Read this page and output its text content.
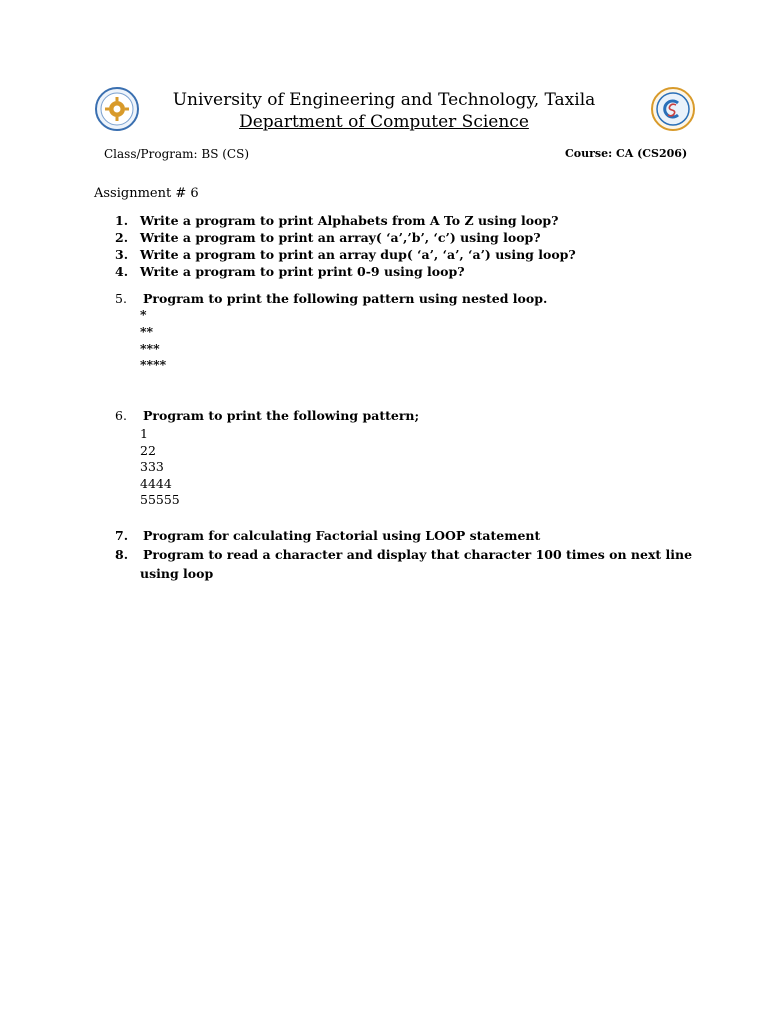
University of Engineering and Technology, Taxila
Department of Computer Science
Class/Program: BS (CS)	Course: CA (CS206)
Assignment # 6
1. Write a program to print Alphabets from A To Z using loop?
2. Write a program to print an array( ‘a’,’b’, ‘c’) using loop?
3. Write a program to print an array dup( ‘a’, ‘a’, ‘a’) using loop?
4. Write a program to print print 0-9 using loop?
5. Program to print the following pattern using nested loop.
*
**
***
****
6. Program to print the following pattern;
1
22
333
4444
55555
7. Program for calculating Factorial using LOOP statement
8. Program to read a character and display that character 100 times on next line
using loop
